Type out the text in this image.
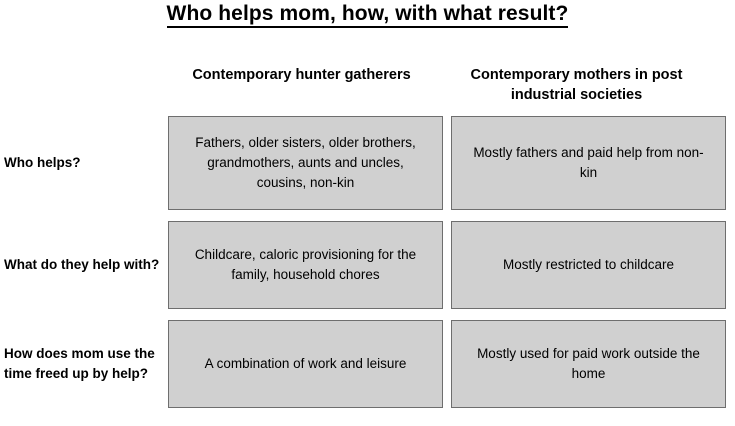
Who helps mom, how, with what result?
Contemporary hunter gatherers	Contemporary mothers in post industrial societies
Who helps?
Fathers, older sisters, older brothers, grandmothers, aunts and uncles, cousins, non-kin
Mostly fathers and paid help from non-kin
What do they help with?
Childcare, caloric provisioning for the family, household chores
Mostly restricted to childcare
How does mom use the time freed up by help?
A combination of work and leisure
Mostly used for paid work outside the home
